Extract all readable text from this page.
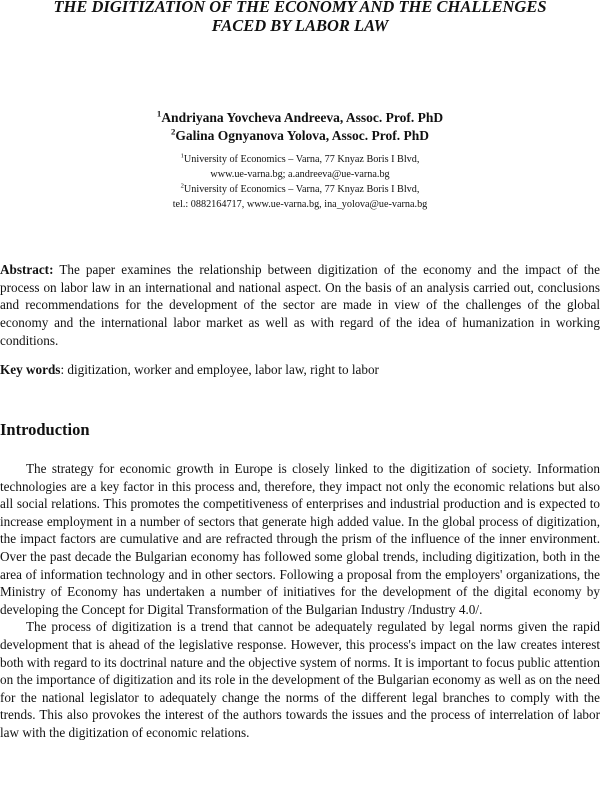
THE DIGITIZATION OF THE ECONOMY AND THE CHALLENGES
FACED BY LABOR LAW
$^1$Andriyana Yovcheva Andreeva, Assoc. Prof. PhD
$^2$Galina Ognyanova Yolova, Assoc. Prof. PhD
$^1$University of Economics – Varna, 77 Knyaz Boris I Blvd,
www.ue-varna.bg; a.andreeva@ue-varna.bg
$^2$University of Economics – Varna, 77 Knyaz Boris I Blvd,
tel.: 0882164717, www.ue-varna.bg, ina_yolova@ue-varna.bg

Abstract: The paper examines the relationship between digitization of the economy and the impact of the process on labor law in an international and national aspect. On the basis of an analysis carried out, conclusions and recommendations for the development of the sector are made in view of the challenges of the global economy and the international labor market as well as with regard of the idea of humanization in working conditions.

Key words: digitization, worker and employee, labor law, right to labor

Introduction

The strategy for economic growth in Europe is closely linked to the digitization of society. Information technologies are a key factor in this process and, therefore, they impact not only the economic relations but also all social relations. This promotes the competitiveness of enterprises and industrial production and is expected to increase employment in a number of sectors that generate high added value. In the global process of digitization, the impact factors are cumulative and are refracted through the prism of the influence of the inner environment. Over the past decade the Bulgarian economy has followed some global trends, including digitization, both in the area of information technology and in other sectors. Following a proposal from the employers' organizations, the Ministry of Economy has undertaken a number of initiatives for the development of the digital economy by developing the Concept for Digital Transformation of the Bulgarian Industry /Industry 4.0/.

The process of digitization is a trend that cannot be adequately regulated by legal norms given the rapid development that is ahead of the legislative response. However, this process's impact on the law creates interest both with regard to its doctrinal nature and the objective system of norms. It is important to focus public attention on the importance of digitization and its role in the development of the Bulgarian economy as well as on the need for the national legislator to adequately change the norms of the different legal branches to comply with the trends. This also provokes the interest of the authors towards the issues and the process of interrelation of labor law with the digitization of economic relations.
